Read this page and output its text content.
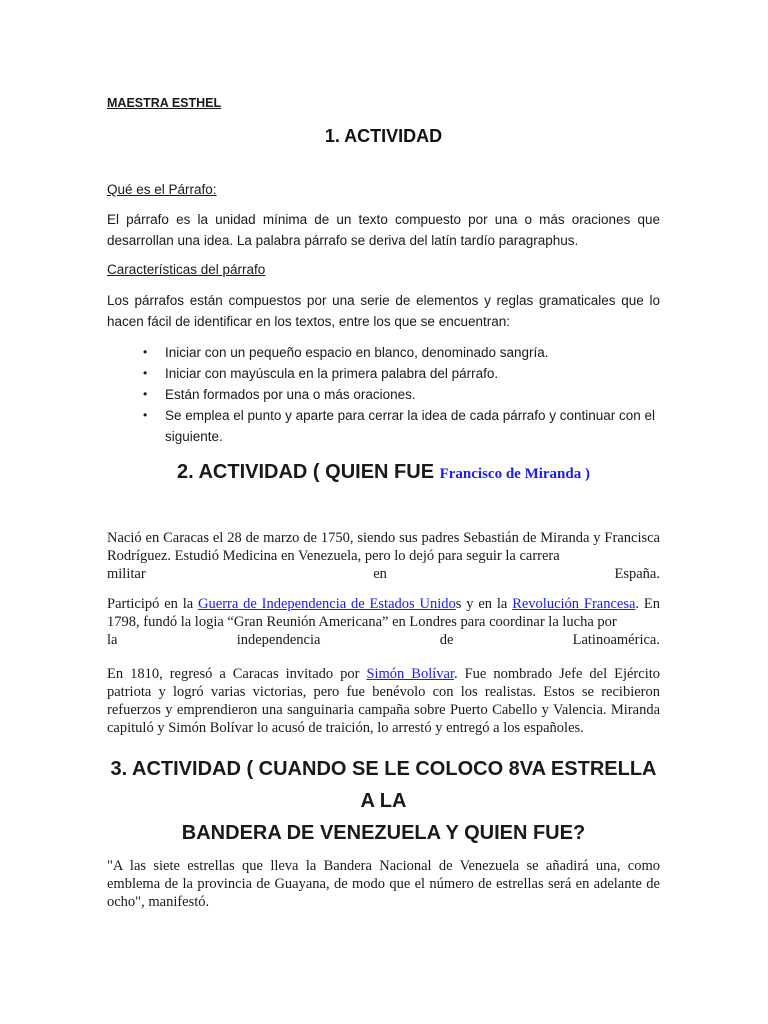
MAESTRA ESTHEL

1. ACTIVIDAD

Qué es el Párrafo:

El párrafo es la unidad mínima de un texto compuesto por una o más oraciones que desarrollan una idea. La palabra párrafo se deriva del latín tardío paragraphus.

Características del párrafo

Los párrafos están compuestos por una serie de elementos y reglas gramaticales que lo hacen fácil de identificar en los textos, entre los que se encuentran:

• Iniciar con un pequeño espacio en blanco, denominado sangría.
• Iniciar con mayúscula en la primera palabra del párrafo.
• Están formados por una o más oraciones.
• Se emplea el punto y aparte para cerrar la idea de cada párrafo y continuar con el siguiente.
2. ACTIVIDAD ( QUIEN FUE Francisco de Miranda )

Nació en Caracas el 28 de marzo de 1750, siendo sus padres Sebastián de Miranda y Francisca Rodríguez. Estudió Medicina en Venezuela, pero lo dejó para seguir la carrera

militar	en	España.

Participó en la Guerra de Independencia de Estados Unidos y en la Revolución Francesa. En 1798, fundó la logia “Gran Reunión Americana” en Londres para coordinar la lucha por

la	independencia	de	Latinoamérica.

En 1810, regresó a Caracas invitado por Simón Bolívar. Fue nombrado Jefe del Ejército patriota y logró varias victorias, pero fue benévolo con los realistas. Estos se recibieron refuerzos y emprendieron una sanguinaria campaña sobre Puerto Cabello y Valencia. Miranda capituló y Simón Bolívar lo acusó de traición, lo arrestó y entregó a los españoles.

3. ACTIVIDAD ( CUANDO SE LE COLOCO 8VA ESTRELLA A LA
BANDERA DE VENEZUELA Y QUIEN FUE?

"A las siete estrellas que lleva la Bandera Nacional de Venezuela se añadirá una, como emblema de la provincia de Guayana, de modo que el número de estrellas será en adelante de ocho", manifestó.
